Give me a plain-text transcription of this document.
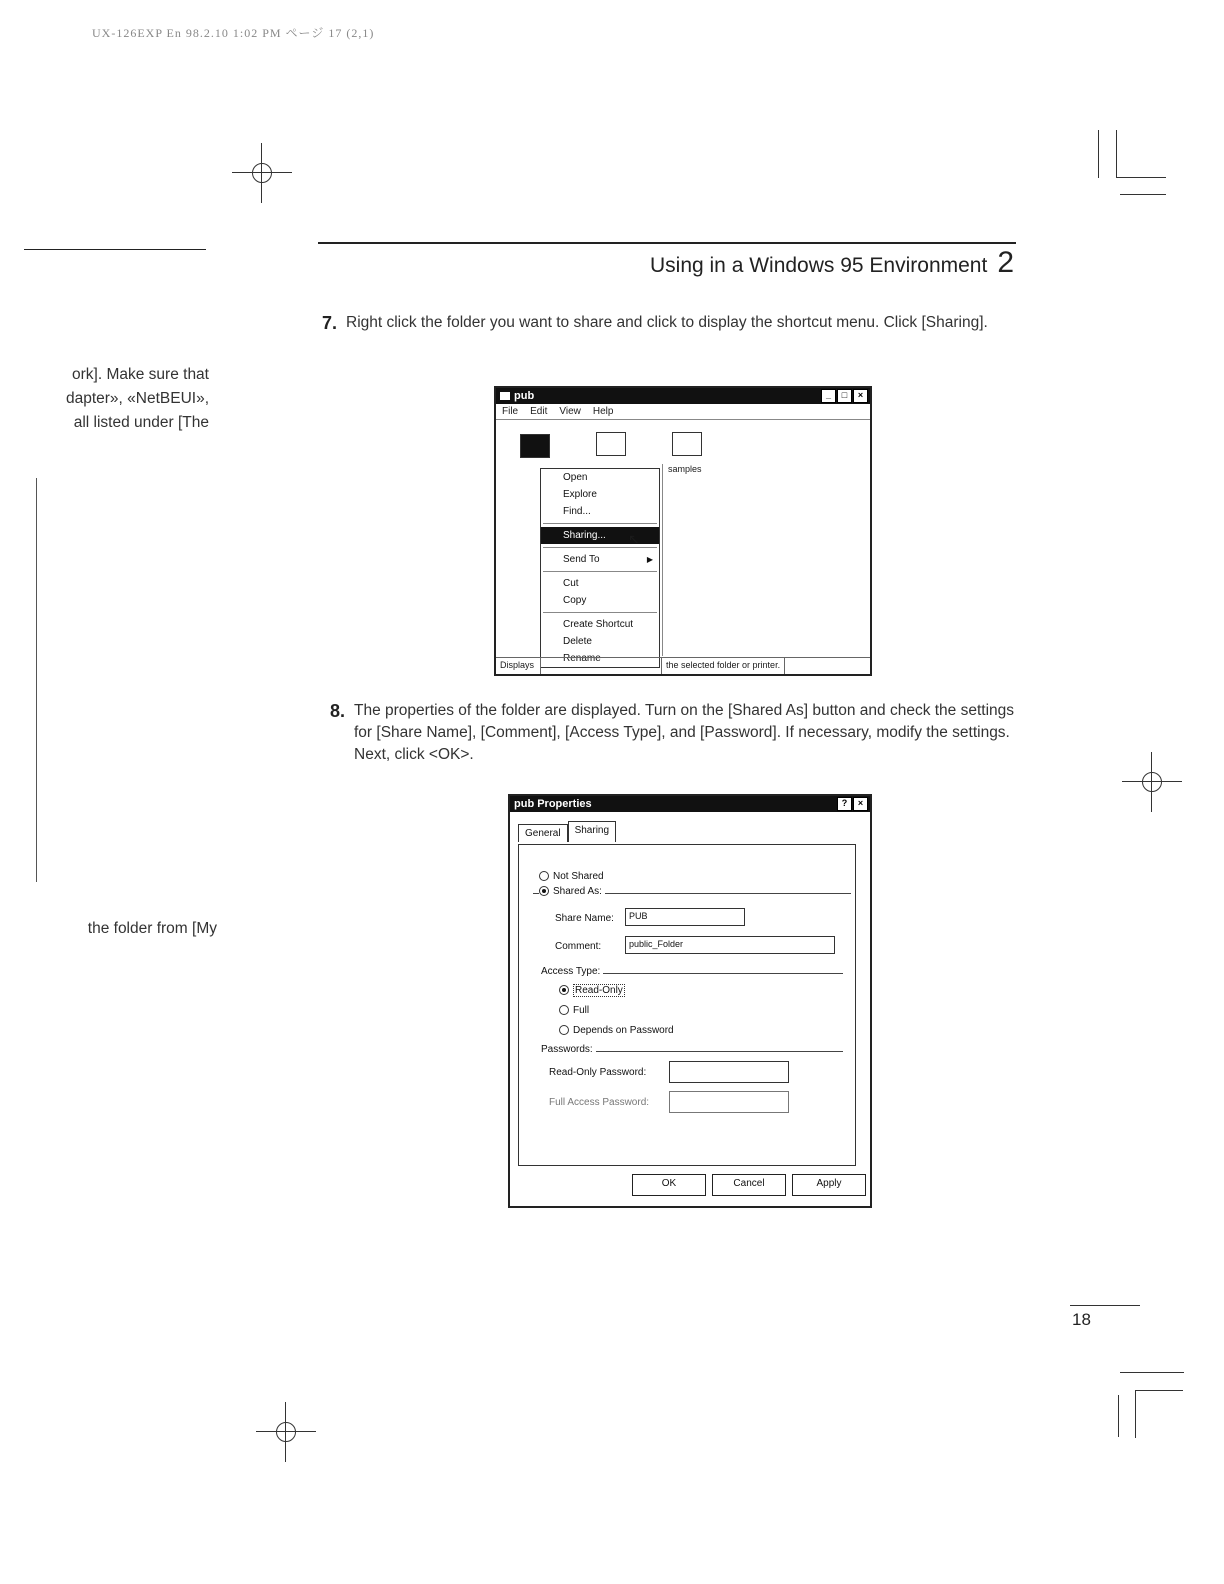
UX-126EXP En 98.2.10 1:02 PM ページ 17 (2,1)
Using in a Windows 95 Environment 2
ork]. Make sure that
dapter», «NetBEUI»,
all listed under [The
the folder from [My
7. Right click the folder you want to share and click to display the shortcut menu. Click [Sharing].
pub	_	□	×
File Edit View Help
samples
Open
Explore
Find...
Sharing...
Send To	▶
Cut
Copy
Create Shortcut
Delete
Rename
↖
Displays	the selected folder or printer.
8. The properties of the folder are displayed. Turn on the [Shared As] button and check the settings for [Share Name], [Comment], [Access Type], and [Password]. If necessary, modify the settings. Next, click <OK>.
pub Properties	?	×
General	Sharing
Not Shared
Shared As:
Share Name:	PUB
Comment:	public_Folder
Access Type:
Read-Only
Full
Depends on Password
Passwords:
Read-Only Password:
Full Access Password:
OK	Cancel	Apply
18
